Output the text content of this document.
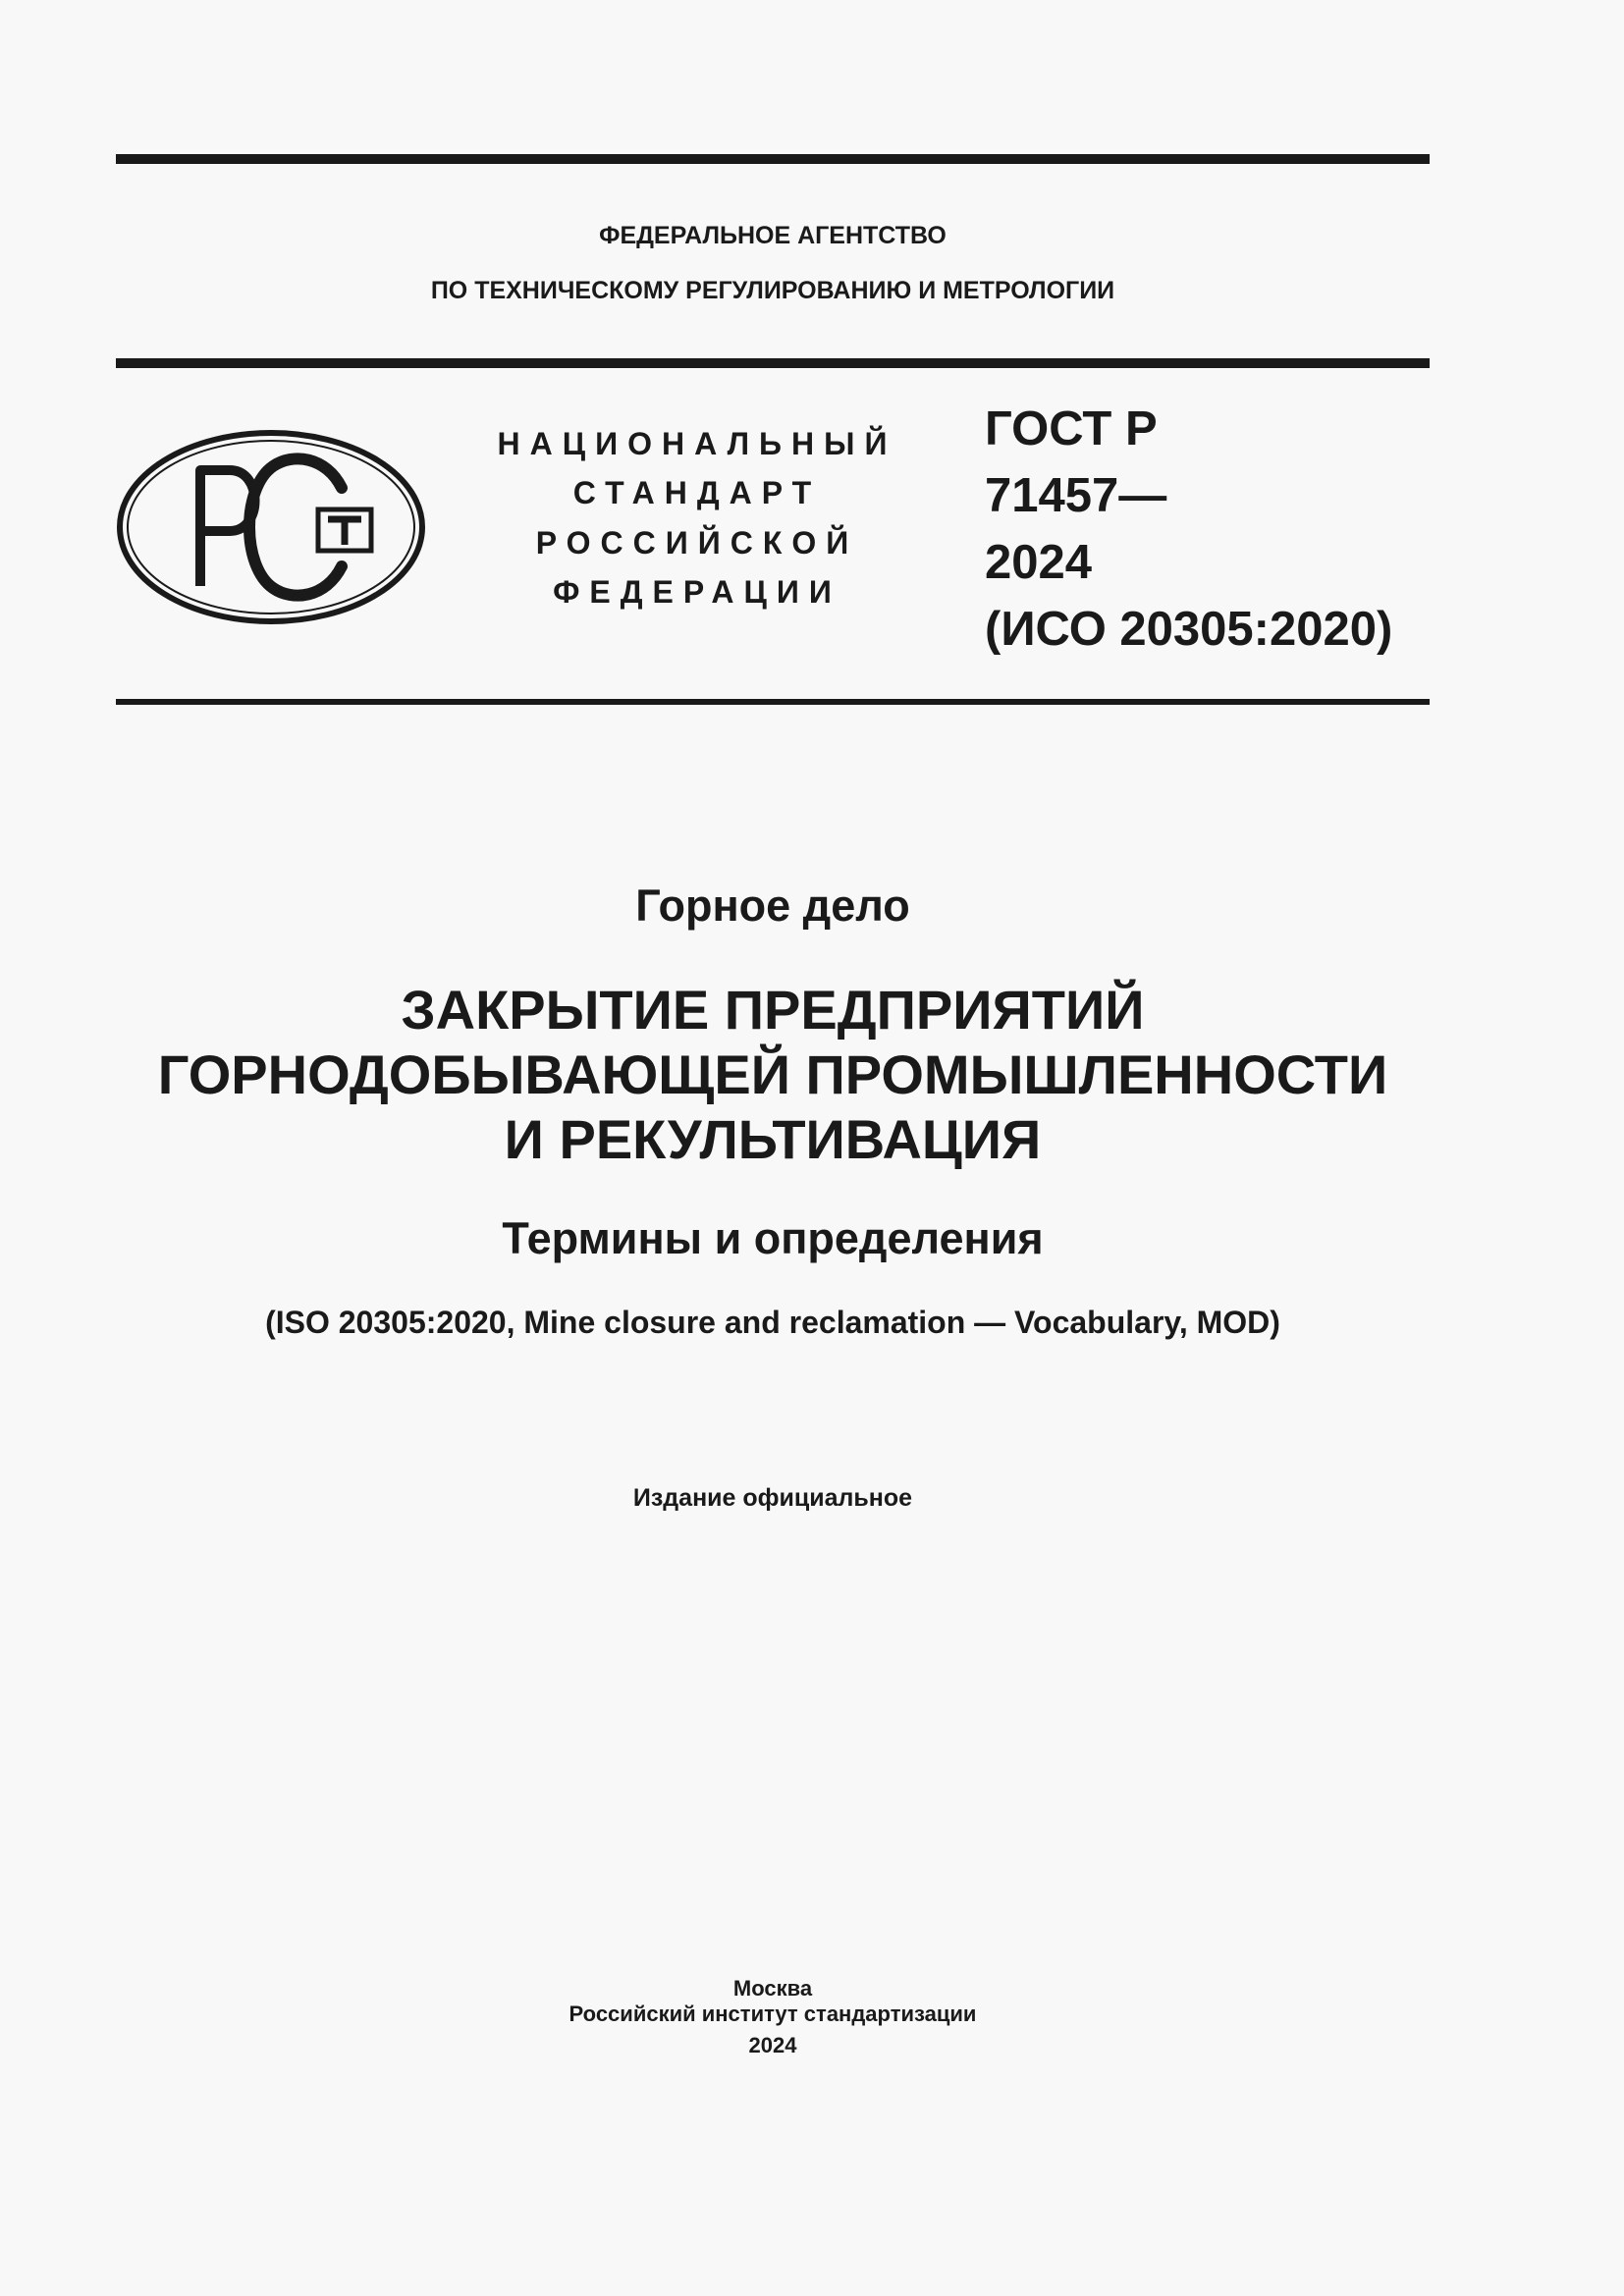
ФЕДЕРАЛЬНОЕ АГЕНТСТВО
ПО ТЕХНИЧЕСКОМУ РЕГУЛИРОВАНИЮ И МЕТРОЛОГИИ
НАЦИОНАЛЬНЫЙ
СТАНДАРТ
РОССИЙСКОЙ
ФЕДЕРАЦИИ
ГОСТ Р
71457—
2024
(ИСО 20305:2020)
Горное дело
ЗАКРЫТИЕ ПРЕДПРИЯТИЙ
ГОРНОДОБЫВАЮЩЕЙ ПРОМЫШЛЕННОСТИ
И РЕКУЛЬТИВАЦИЯ
Термины и определения
(ISO 20305:2020, Mine closure and reclamation — Vocabulary, MOD)
Издание официальное
Москва
Российский институт стандартизации
2024
